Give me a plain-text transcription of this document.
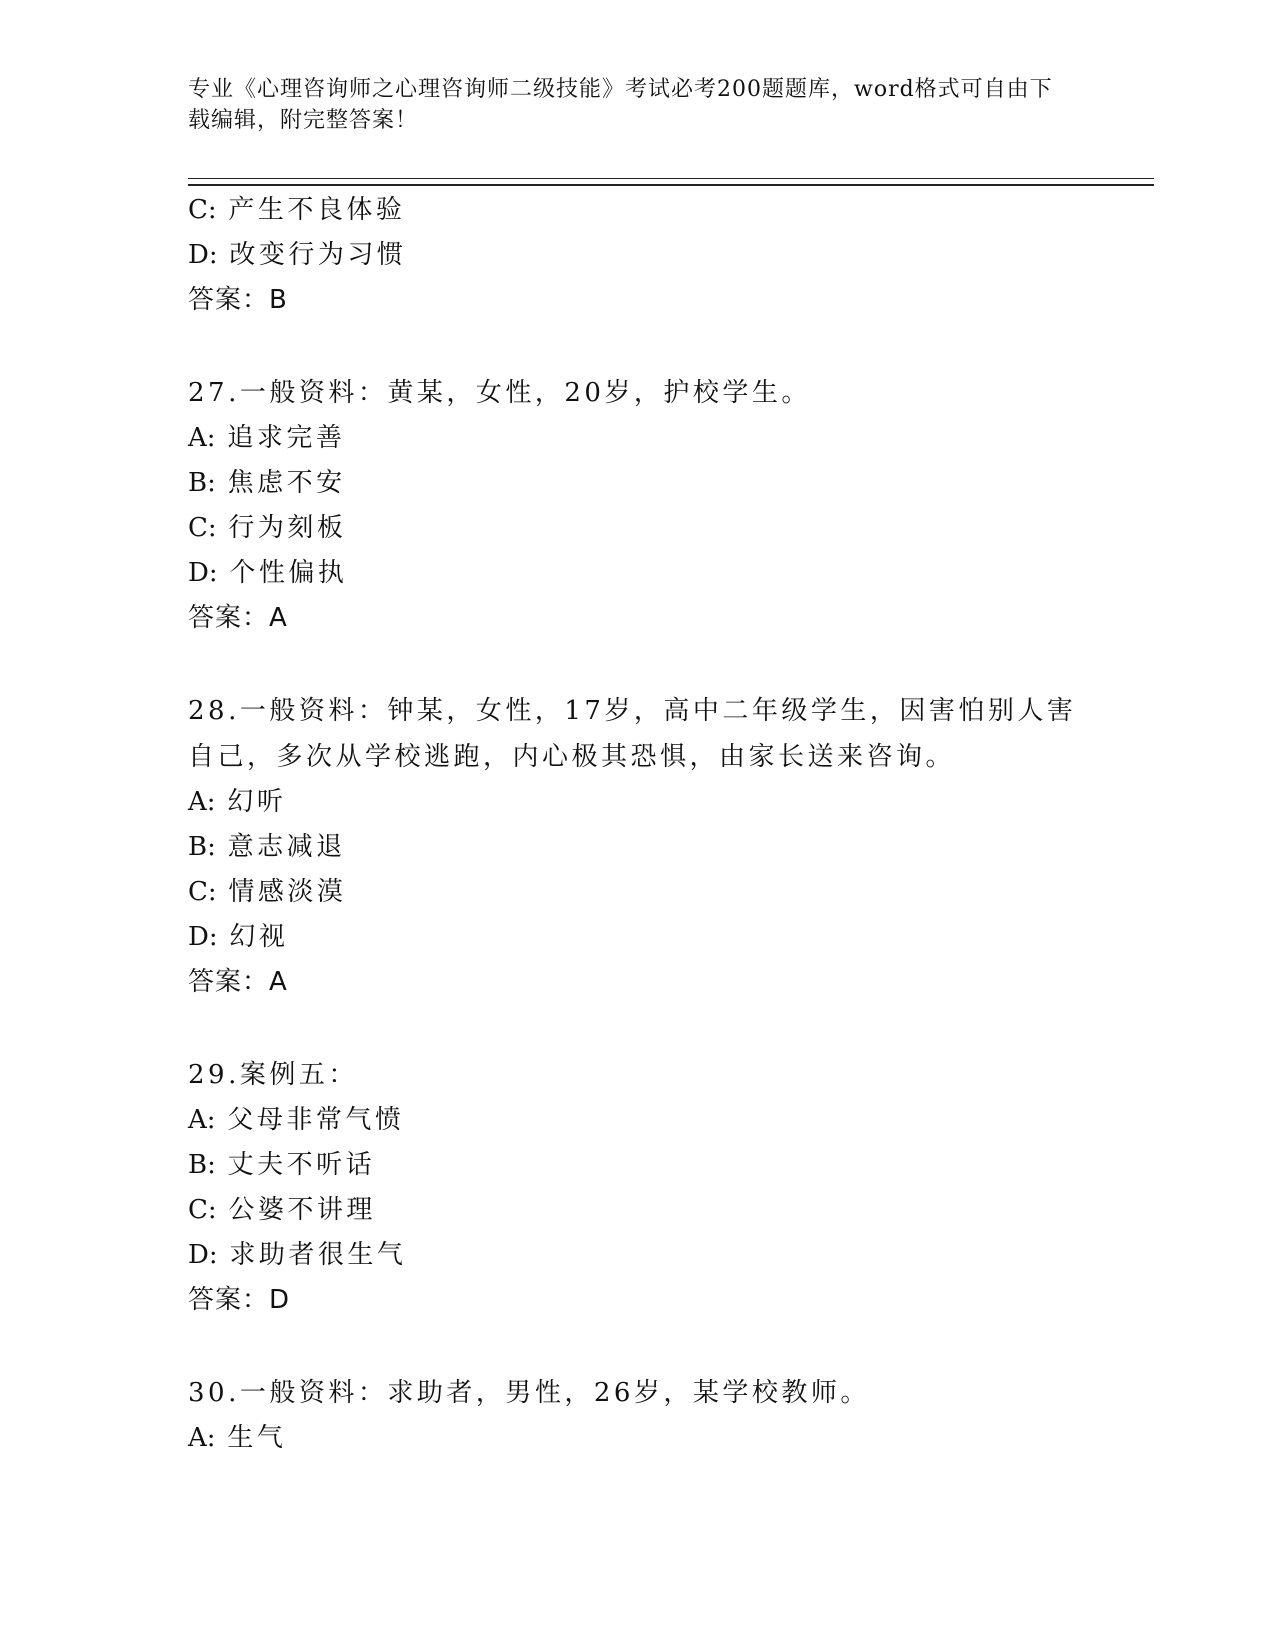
专业《心理咨询师之心理咨询师二级技能》考试必考200题题库，word格式可自由下载编辑，附完整答案！

C: 产生不良体验
D: 改变行为习惯
答案：B
27.一般资料：黄某，女性，20岁，护校学生。
A: 追求完善
B: 焦虑不安
C: 行为刻板
D: 个性偏执
答案：A
28.一般资料：钟某，女性，17岁，高中二年级学生，因害怕别人害自己，多次从学校逃跑，内心极其恐惧，由家长送来咨询。
A: 幻听
B: 意志减退
C: 情感淡漠
D: 幻视
答案：A
29.案例五：
A: 父母非常气愤
B: 丈夫不听话
C: 公婆不讲理
D: 求助者很生气
答案：D
30.一般资料：求助者，男性，26岁，某学校教师。
A: 生气
